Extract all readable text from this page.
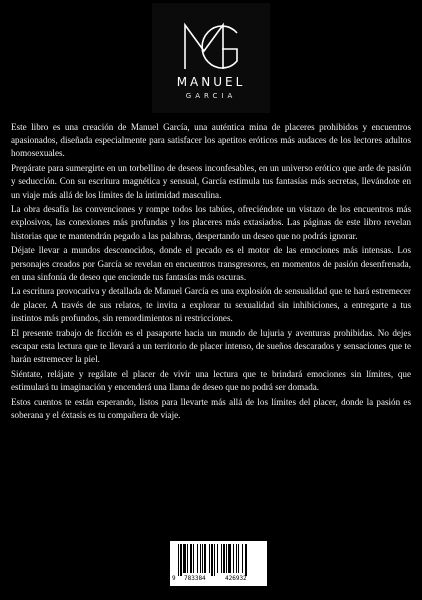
MANUEL
GARCIA

Este libro es una creación de Manuel García, una auténtica mina de placeres prohibidos y encuentros apasionados, diseñada especialmente para satisfacer los apetitos eróticos más audaces de los lectores adultos homosexuales.

Prepárate para sumergirte en un torbellino de deseos inconfesables, en un universo erótico que arde de pasión y seducción. Con su escritura magnética y sensual, García estimula tus fantasías más secretas, llevándote en un viaje más allá de los límites de la intimidad masculina.

La obra desafía las convenciones y rompe todos los tabúes, ofreciéndote un vistazo de los encuentros más explosivos, las conexiones más profundas y los placeres más extasiados. Las páginas de este libro revelan historias que te mantendrán pegado a las palabras, despertando un deseo que no podrás ignorar.

Déjate llevar a mundos desconocidos, donde el pecado es el motor de las emociones más intensas. Los personajes creados por García se revelan en encuentros transgresores, en momentos de pasión desenfrenada, en una sinfonía de deseo que enciende tus fantasías más oscuras.

La escritura provocativa y detallada de Manuel García es una explosión de sensualidad que te hará estremecer de placer. A través de sus relatos, te invita a explorar tu sexualidad sin inhibiciones, a entregarte a tus instintos más profundos, sin remordimientos ni restricciones.

El presente trabajo de ficción es el pasaporte hacia un mundo de lujuria y aventuras prohibidas. No dejes escapar esta lectura que te llevará a un territorio de placer intenso, de sueños descarados y sensaciones que te harán estremecer la piel.

Siéntate, relájate y regálate el placer de vivir una lectura que te brindará emociones sin límites, que estimulará tu imaginación y encenderá una llama de deseo que no podrá ser domada.

Estos cuentos te están esperando, listos para llevarte más allá de los límites del placer, donde la pasión es soberana y el éxtasis es tu compañera de viaje.

9 783384	426932
